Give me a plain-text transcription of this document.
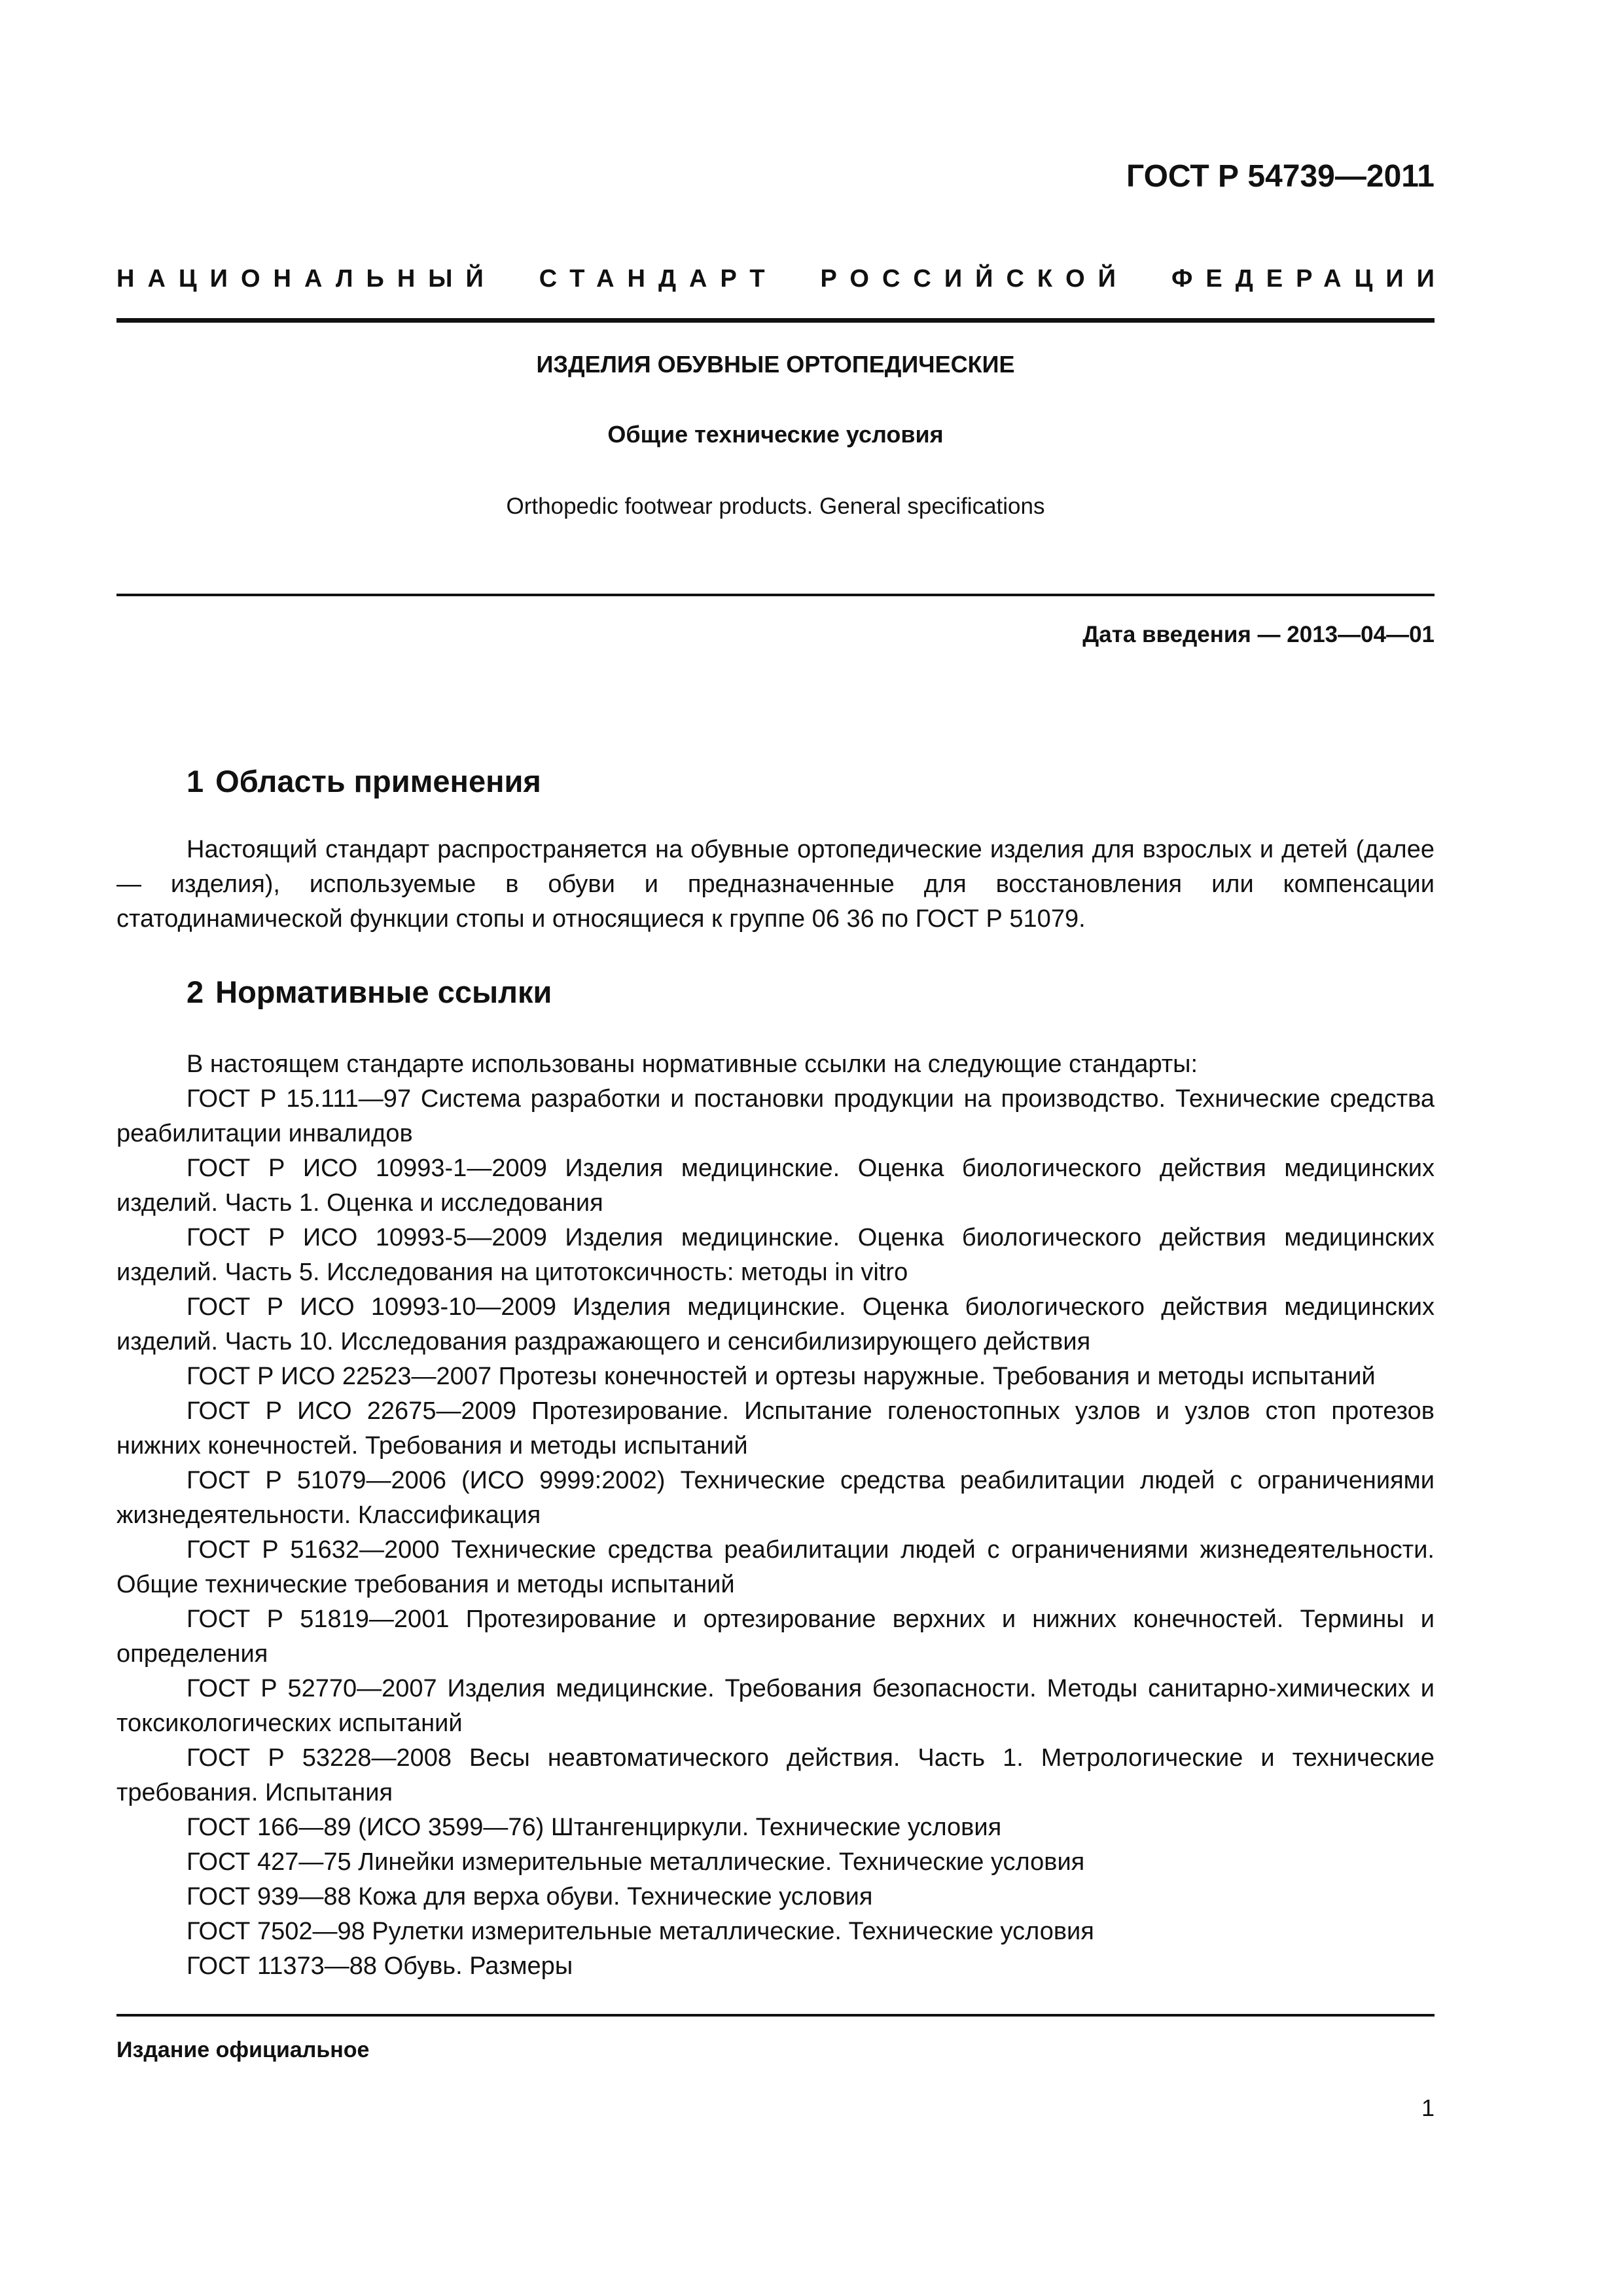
ГОСТ Р 54739—2011
НАЦИОНАЛЬНЫЙ СТАНДАРТ РОССИЙСКОЙ ФЕДЕРАЦИИ
ИЗДЕЛИЯ ОБУВНЫЕ ОРТОПЕДИЧЕСКИЕ
Общие технические условия
Orthopedic footwear products. General specifications
Дата введения — 2013—04—01
1 Область применения

Настоящий стандарт распространяется на обувные ортопедические изделия для взрослых и детей (далее — изделия), используемые в обуви и предназначенные для восстановления или компенсации статодинамической функции стопы и относящиеся к группе 06 36 по ГОСТ Р 51079.

2 Нормативные ссылки

В настоящем стандарте использованы нормативные ссылки на следующие стандарты:

ГОСТ Р 15.111—97 Система разработки и постановки продукции на производство. Технические средства реабилитации инвалидов

ГОСТ Р ИСО 10993-1—2009 Изделия медицинские. Оценка биологического действия медицинских изделий. Часть 1. Оценка и исследования

ГОСТ Р ИСО 10993-5—2009 Изделия медицинские. Оценка биологического действия медицинских изделий. Часть 5. Исследования на цитотоксичность: методы in vitro

ГОСТ Р ИСО 10993-10—2009 Изделия медицинские. Оценка биологического действия медицинских изделий. Часть 10. Исследования раздражающего и сенсибилизирующего действия

ГОСТ Р ИСО 22523—2007 Протезы конечностей и ортезы наружные. Требования и методы испытаний

ГОСТ Р ИСО 22675—2009 Протезирование. Испытание голеностопных узлов и узлов стоп протезов нижних конечностей. Требования и методы испытаний

ГОСТ Р 51079—2006 (ИСО 9999:2002) Технические средства реабилитации людей с ограничениями жизнедеятельности. Классификация

ГОСТ Р 51632—2000 Технические средства реабилитации людей с ограничениями жизнедеятельности. Общие технические требования и методы испытаний

ГОСТ Р 51819—2001 Протезирование и ортезирование верхних и нижних конечностей. Термины и определения

ГОСТ Р 52770—2007 Изделия медицинские. Требования безопасности. Методы санитарно-химических и токсикологических испытаний

ГОСТ Р 53228—2008 Весы неавтоматического действия. Часть 1. Метрологические и технические требования. Испытания

ГОСТ 166—89 (ИСО 3599—76) Штангенциркули. Технические условия

ГОСТ 427—75 Линейки измерительные металлические. Технические условия

ГОСТ 939—88 Кожа для верха обуви. Технические условия

ГОСТ 7502—98 Рулетки измерительные металлические. Технические условия

ГОСТ 11373—88 Обувь. Размеры

Издание официальное
1
